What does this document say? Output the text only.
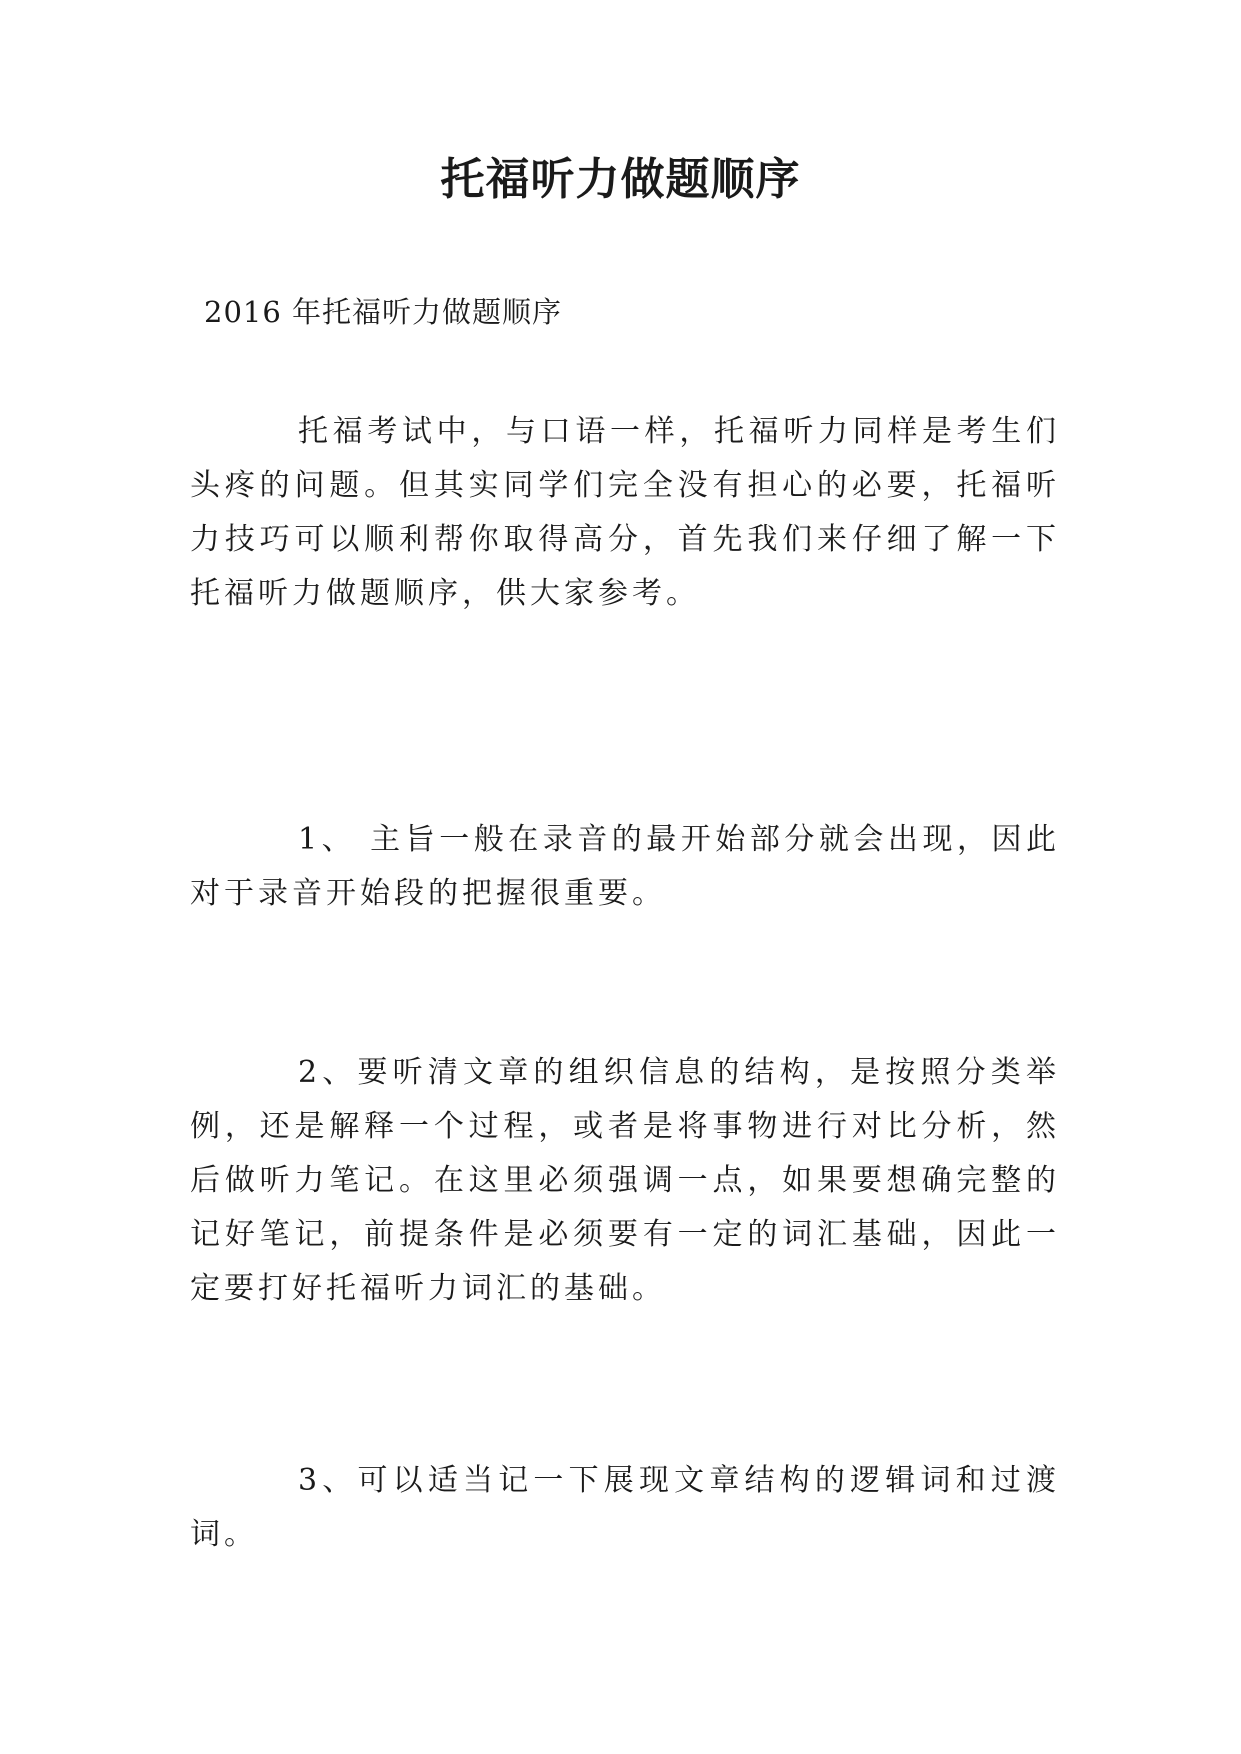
托福听力做题顺序

2016 年托福听力做题顺序

托福考试中，与口语一样，托福听力同样是考生们头疼的问题。但其实同学们完全没有担心的必要，托福听力技巧可以顺利帮你取得高分，首先我们来仔细了解一下托福听力做题顺序，供大家参考。

1、 主旨一般在录音的最开始部分就会出现，因此对于录音开始段的把握很重要。

2、要听清文章的组织信息的结构，是按照分类举例，还是解释一个过程，或者是将事物进行对比分析，然后做听力笔记。在这里必须强调一点，如果要想确完整的记好笔记，前提条件是必须要有一定的词汇基础，因此一定要打好托福听力词汇的基础。

3、可以适当记一下展现文章结构的逻辑词和过渡词。
